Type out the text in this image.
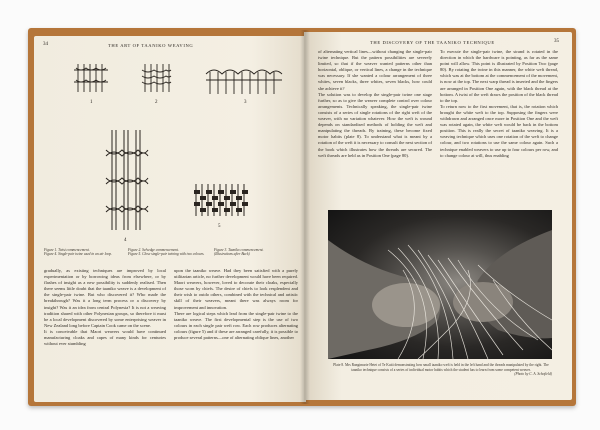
34	THE ART OF TAANIKO WEAVING
1	2	3
4
5
Figure 1. Twist commencement.
Figure 4. Single-pair twine used in an air loop.
Figure 2. Selvedge commencement.
Figure 5. Close single-pair twining with two colours.
Figure 3. Taaniko commencement.
(Illustrations after Buck)
gradually, as existing techniques are improved by local experimentation or by borrowing ideas from elsewhere, or by flashes of insight as a new possibility is suddenly realised. Then there seems little doubt that the taaniko weave is a development of the single-pair twine. But who discovered it? Who made the breakthrough? Was it a long term process or a discovery by insight? Was it an idea from central Polynesia? It is not a weaving tradition shared with other Polynesian groups, so therefore it must be a local development discovered by some enterprising weaver in New Zealand long before Captain Cook came on the scene.
It is conceivable that Maori weavers would have continued manufacturing cloaks and capes of many kinds for centuries without ever stumbling
upon the taaniko weave. Had they been satisfied with a purely utilitarian article, no further development would have been required. Maori weavers, however, loved to decorate their cloaks, especially those worn by chiefs. The desire of chiefs to look resplendent and their wish to outdo others, combined with the technical and artistic skill of their weavers, meant there was always room for improvement and innovation.
There are logical steps which lead from the single-pair twine to the taaniko weave. The first developmental step is the use of two colours in each single pair weft row. Each row produces alternating colours (figure 5) and if these are arranged carefully, it is possible to produce several patterns—one of alternating oblique lines, another
THE DISCOVERY OF THE TAANIKO TECHNIQUE	35
of alternating vertical lines—without changing the single-pair twine technique. But the pattern possibilities are severely limited, so that if the weaver wanted patterns other than horizontal, oblique, or vertical lines, a change in the technique was necessary. If she wanted a colour arrangement of three whites, seven blacks, three whites, seven blacks, how could she achieve it?
The solution was to develop the single-pair twine one stage further, so as to give the weaver complete control over colour arrangements. Technically speaking, the single-pair twine consists of a series of single rotations of the right weft of the weaver, with no variation whatever. How the weft is wound depends on standardised methods of holding the weft and manipulating the threads. By training, these become fixed motor habits (plate 8). To understand what is meant by a rotation of the weft it is necessary to consult the next section of the book which illustrates how the threads are secured. The weft threads are held as in Position One (page 80).
To execute the single-pair twine, the strand is rotated in the direction in which the hardware is pointing, as far as the same point will allow. This point is illustrated by Position Two (page 80). By rotating the twine in this manner, the white weft thread, which was at the bottom at the commencement of the movement, is now at the top. The next warp thread is inserted and the fingers are arranged in Position One again, with the black thread at the bottom. A twist of the weft draws the position of the black thread to the top.
To return now to the first movement, that is, the rotation which brought the white weft to the top. Supposing the fingers were withdrawn and arranged once more in Position One and the weft was rotated again, the white weft would be back in the bottom position. This is really the secret of taaniko weaving. It is a weaving technique which uses one rotation of the weft to change colour, and two rotations to use the same colour again. Such a technique enabled weavers to use up to four colours per row, and to change colour at will, thus enabling
Plate 8. Mrs Rangimarie Hetet of Te Kuiti demonstrating how small taaniko weft is held in the left hand and the threads manipulated by the right. The taaniko technique consists of a series of individual motor habits which the student has to learn from some competent weaver.
(Photo by C. A. Schofield)
